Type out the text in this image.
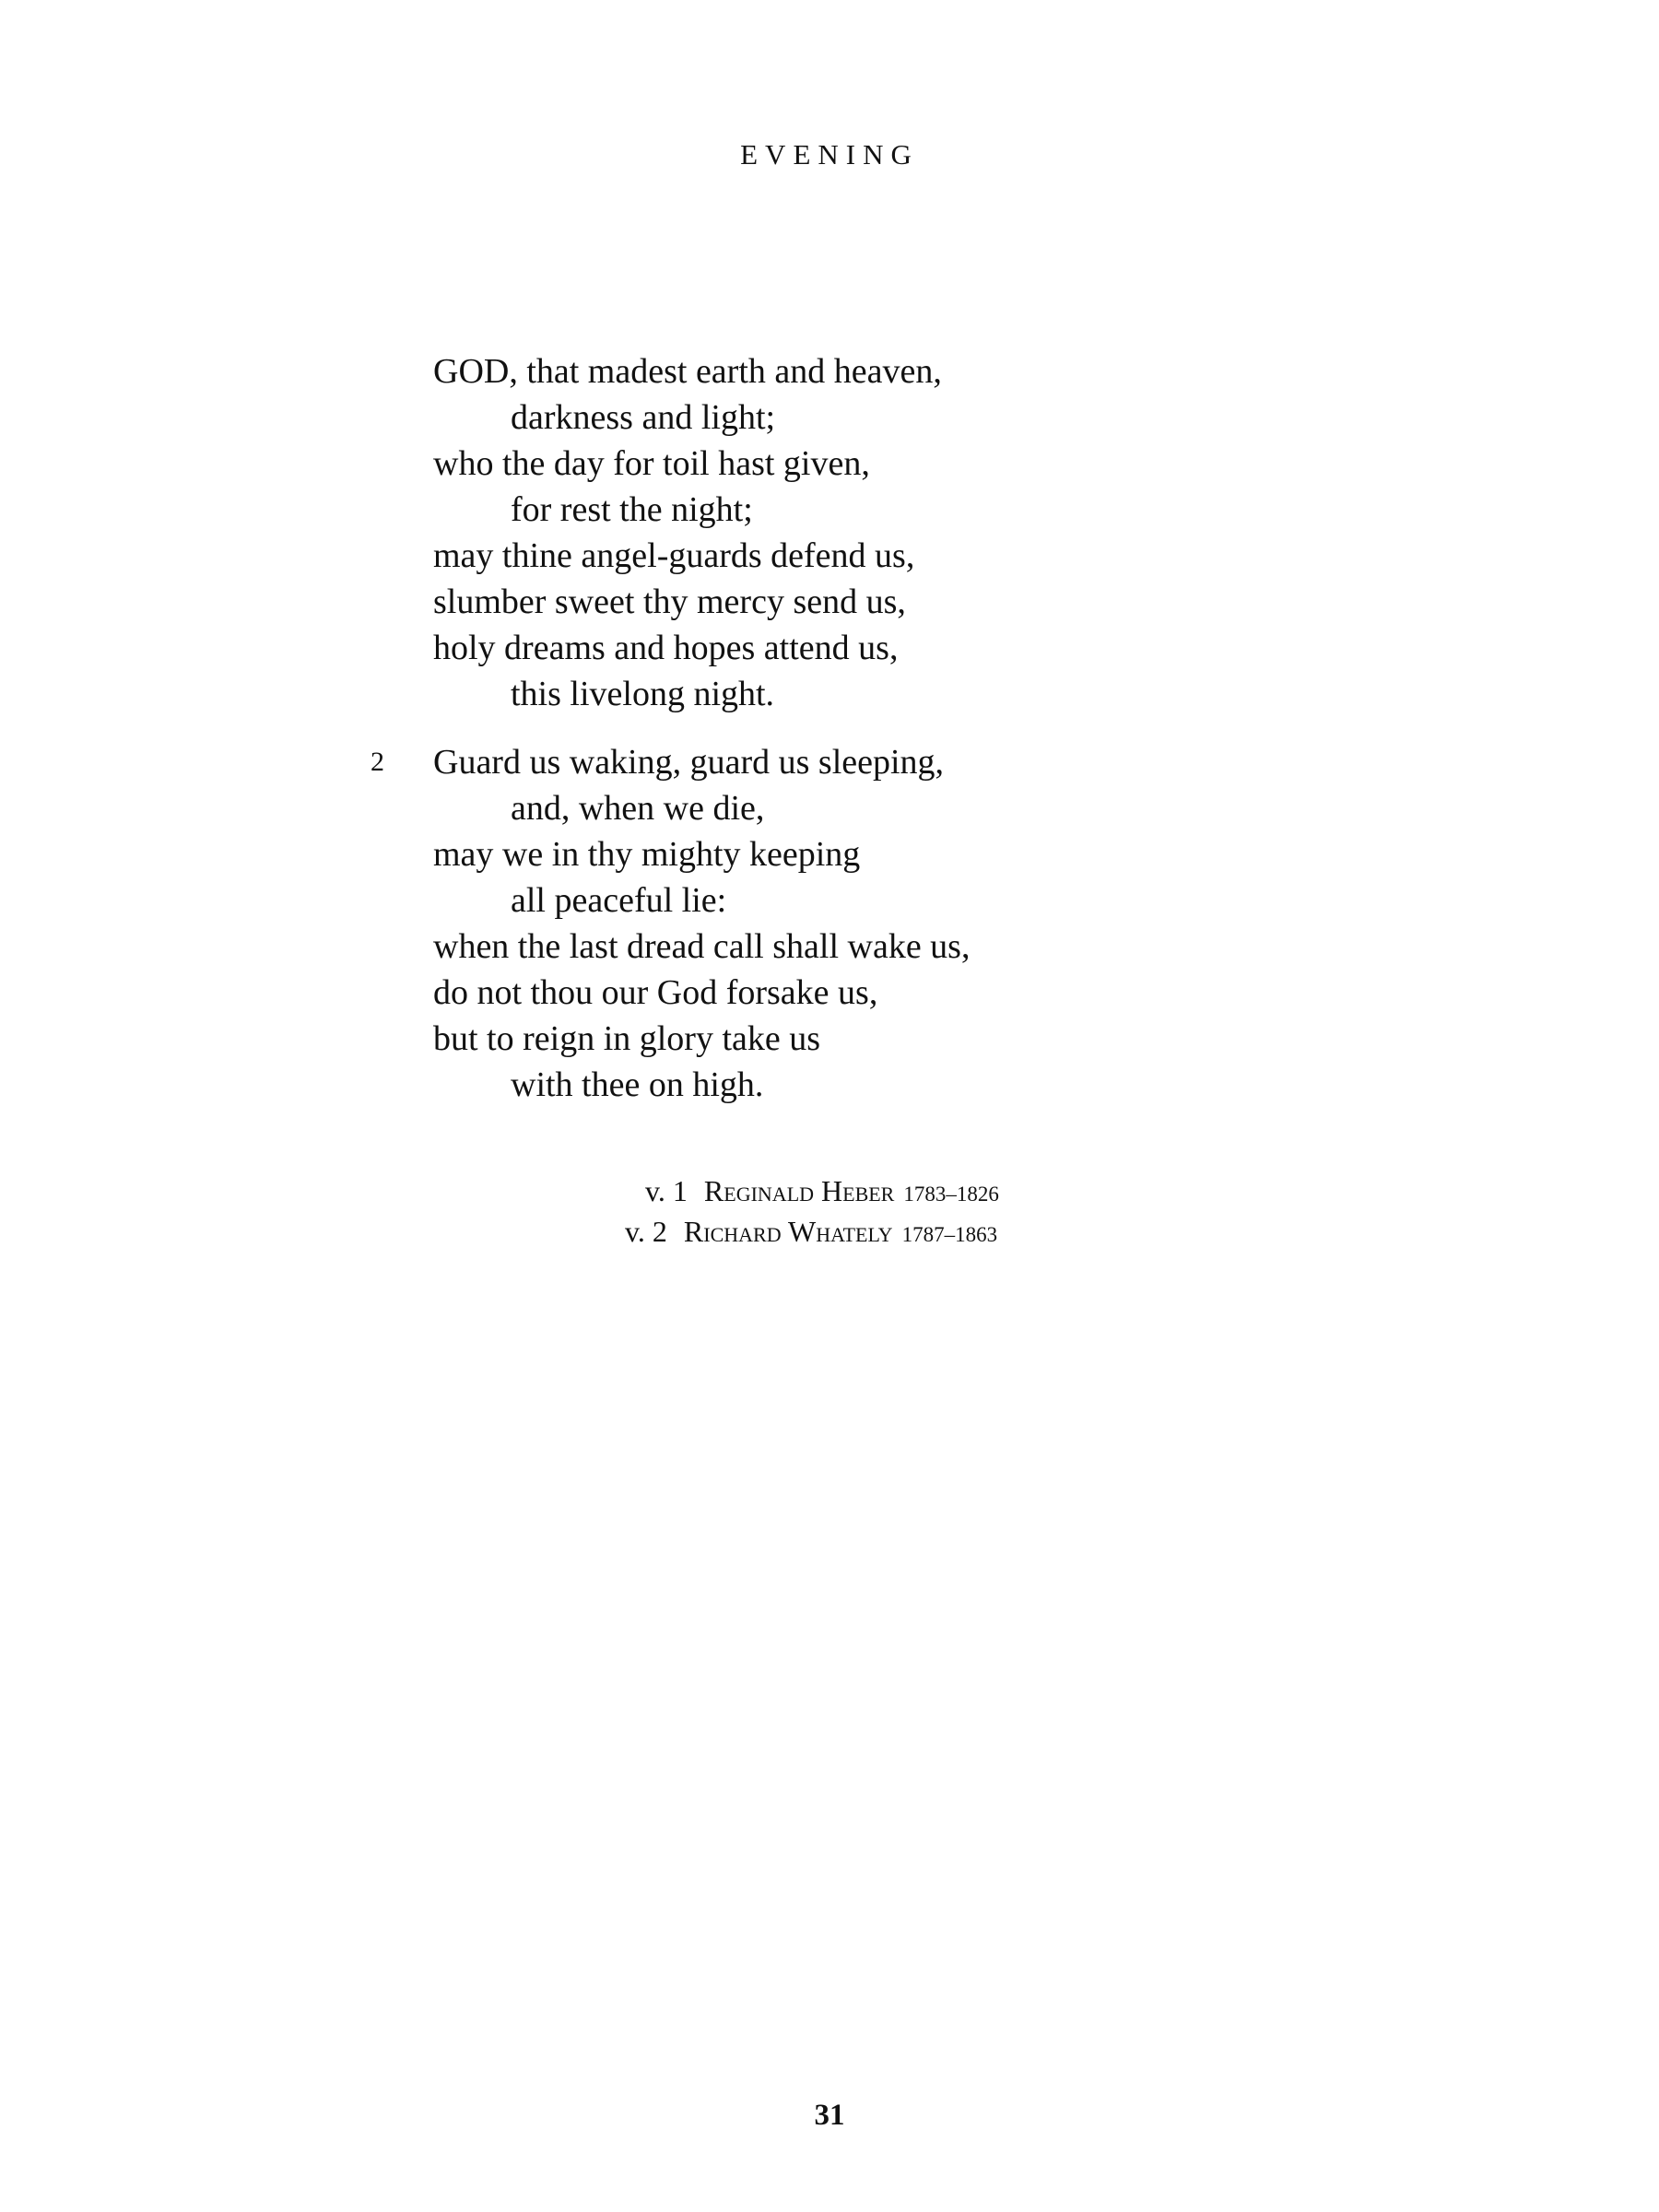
EVENING
GOD, that madest earth and heaven,
darkness and light;
who the day for toil hast given,
for rest the night;
may thine angel-guards defend us,
slumber sweet thy mercy send us,
holy dreams and hopes attend us,
this livelong night.
2	Guard us waking, guard us sleeping,
and, when we die,
may we in thy mighty keeping
all peaceful lie:
when the last dread call shall wake us,
do not thou our God forsake us,
but to reign in glory take us
with thee on high.
v. 1 Reginald Heber 1783–1826
v. 2 Richard Whately 1787–1863
31
